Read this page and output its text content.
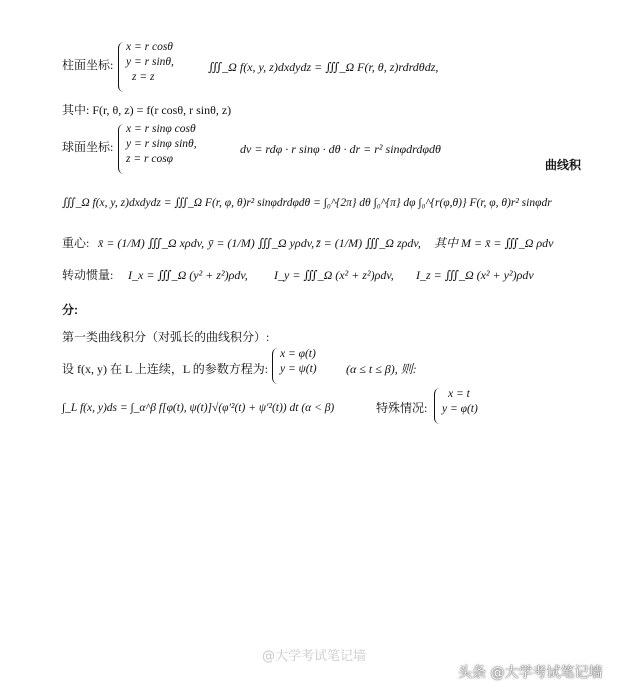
柱面坐标:
x = r cosθ
y = r sinθ,
z = z
∭_Ω f(x, y, z)dxdydz = ∭_Ω F(r, θ, z)rdrdθdz,
其中: F(r, θ, z) = f(r cosθ, r sinθ, z)
球面坐标:
x = r sinφ cosθ
y = r sinφ sinθ,
z = r cosφ
dv = rdφ · r sinφ · dθ · dr = r² sinφdrdφdθ
曲线积
∭_Ω f(x, y, z)dxdydz = ∭_Ω F(r, φ, θ)r² sinφdrdφdθ = ∫₀^{2π} dθ ∫₀^{π} dφ ∫₀^{r(φ,θ)} F(r, φ, θ)r² sinφdr
重心: x̄ = (1/M) ∭_Ω xρdv, ȳ = (1/M) ∭_Ω yρdv, z̄ = (1/M) ∭_Ω zρdv, 其中 M = x̄ = ∭_Ω ρdv
转动惯量: I_x = ∭_Ω (y² + z²)ρdv, I_y = ∭_Ω (x² + z²)ρdv, I_z = ∭_Ω (x² + y²)ρdv
分:
第一类曲线积分（对弧长的曲线积分）:
设 f(x, y) 在 L 上连续，L 的参数方程为:
x = φ(t)
y = ψ(t) (α ≤ t ≤ β), 则:
∫_L f(x, y)ds = ∫_α^β f[φ(t), ψ(t)]√(φ′²(t) + ψ′²(t)) dt (α < β)	特殊情况:
x = t
y = φ(t)
@大学考试笔记墙
头条 @大学考试笔记墙
